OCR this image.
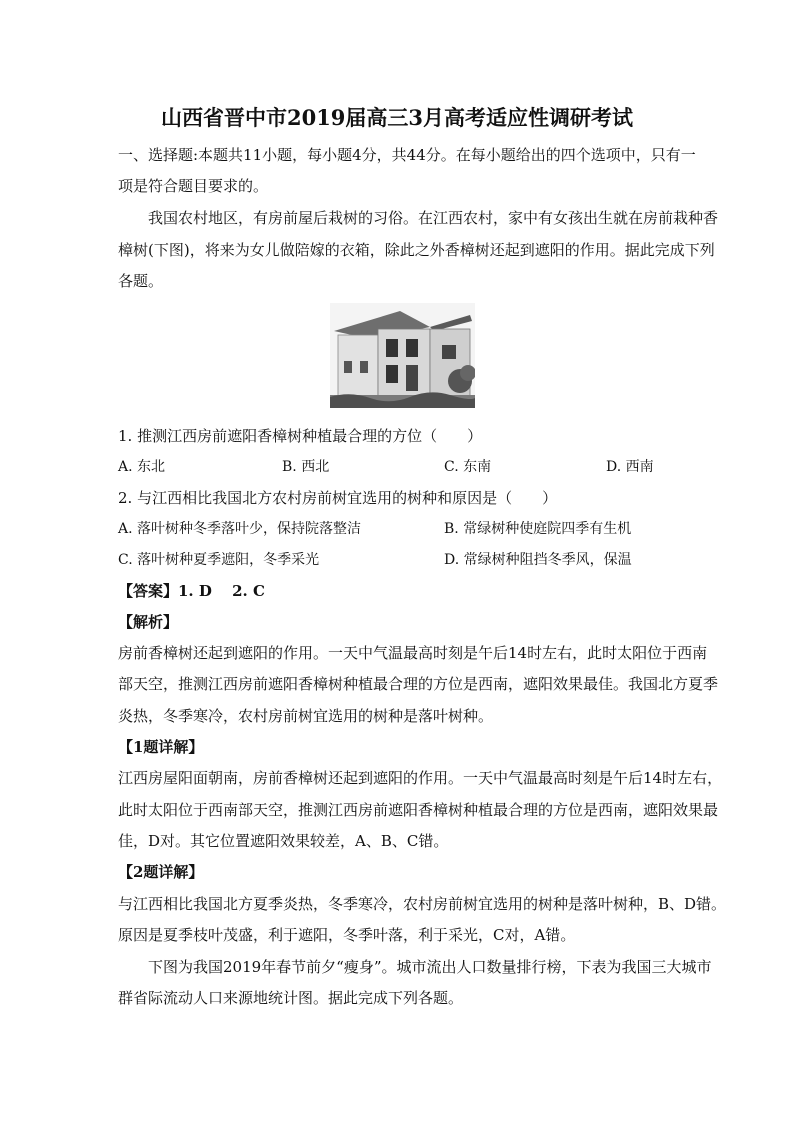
山西省晋中市2019届高三3月高考适应性调研考试
一、选择题:本题共11小题，每小题4分，共44分。在每小题给出的四个选项中，只有一
项是符合题目要求的。
我国农村地区，有房前屋后栽树的习俗。在江西农村，家中有女孩出生就在房前栽种香
樟树(下图)，将来为女儿做陪嫁的衣箱，除此之外香樟树还起到遮阳的作用。据此完成下列
各题。
1. 推测江西房前遮阳香樟树种植最合理的方位（　　）
A. 东北	B. 西北	C. 东南	D. 西南
2. 与江西相比我国北方农村房前树宜选用的树种和原因是（　　）
A. 落叶树种冬季落叶少，保持院落整洁	B. 常绿树种使庭院四季有生机
C. 落叶树种夏季遮阳，冬季采光	D. 常绿树种阻挡冬季风，保温
【答案】1. D　 2. C
【解析】
房前香樟树还起到遮阳的作用。一天中气温最高时刻是午后14时左右，此时太阳位于西南
部天空，推测江西房前遮阳香樟树种植最合理的方位是西南，遮阳效果最佳。我国北方夏季
炎热，冬季寒冷，农村房前树宜选用的树种是落叶树种。
【1题详解】
江西房屋阳面朝南，房前香樟树还起到遮阳的作用。一天中气温最高时刻是午后14时左右，
此时太阳位于西南部天空，推测江西房前遮阳香樟树种植最合理的方位是西南，遮阳效果最
佳，D对。其它位置遮阳效果较差，A、B、C错。
【2题详解】
与江西相比我国北方夏季炎热，冬季寒冷，农村房前树宜选用的树种是落叶树种，B、D错。
原因是夏季枝叶茂盛，利于遮阳，冬季叶落，利于采光，C对，A错。
下图为我国2019年春节前夕“瘦身”。城市流出人口数量排行榜，下表为我国三大城市
群省际流动人口来源地统计图。据此完成下列各题。
